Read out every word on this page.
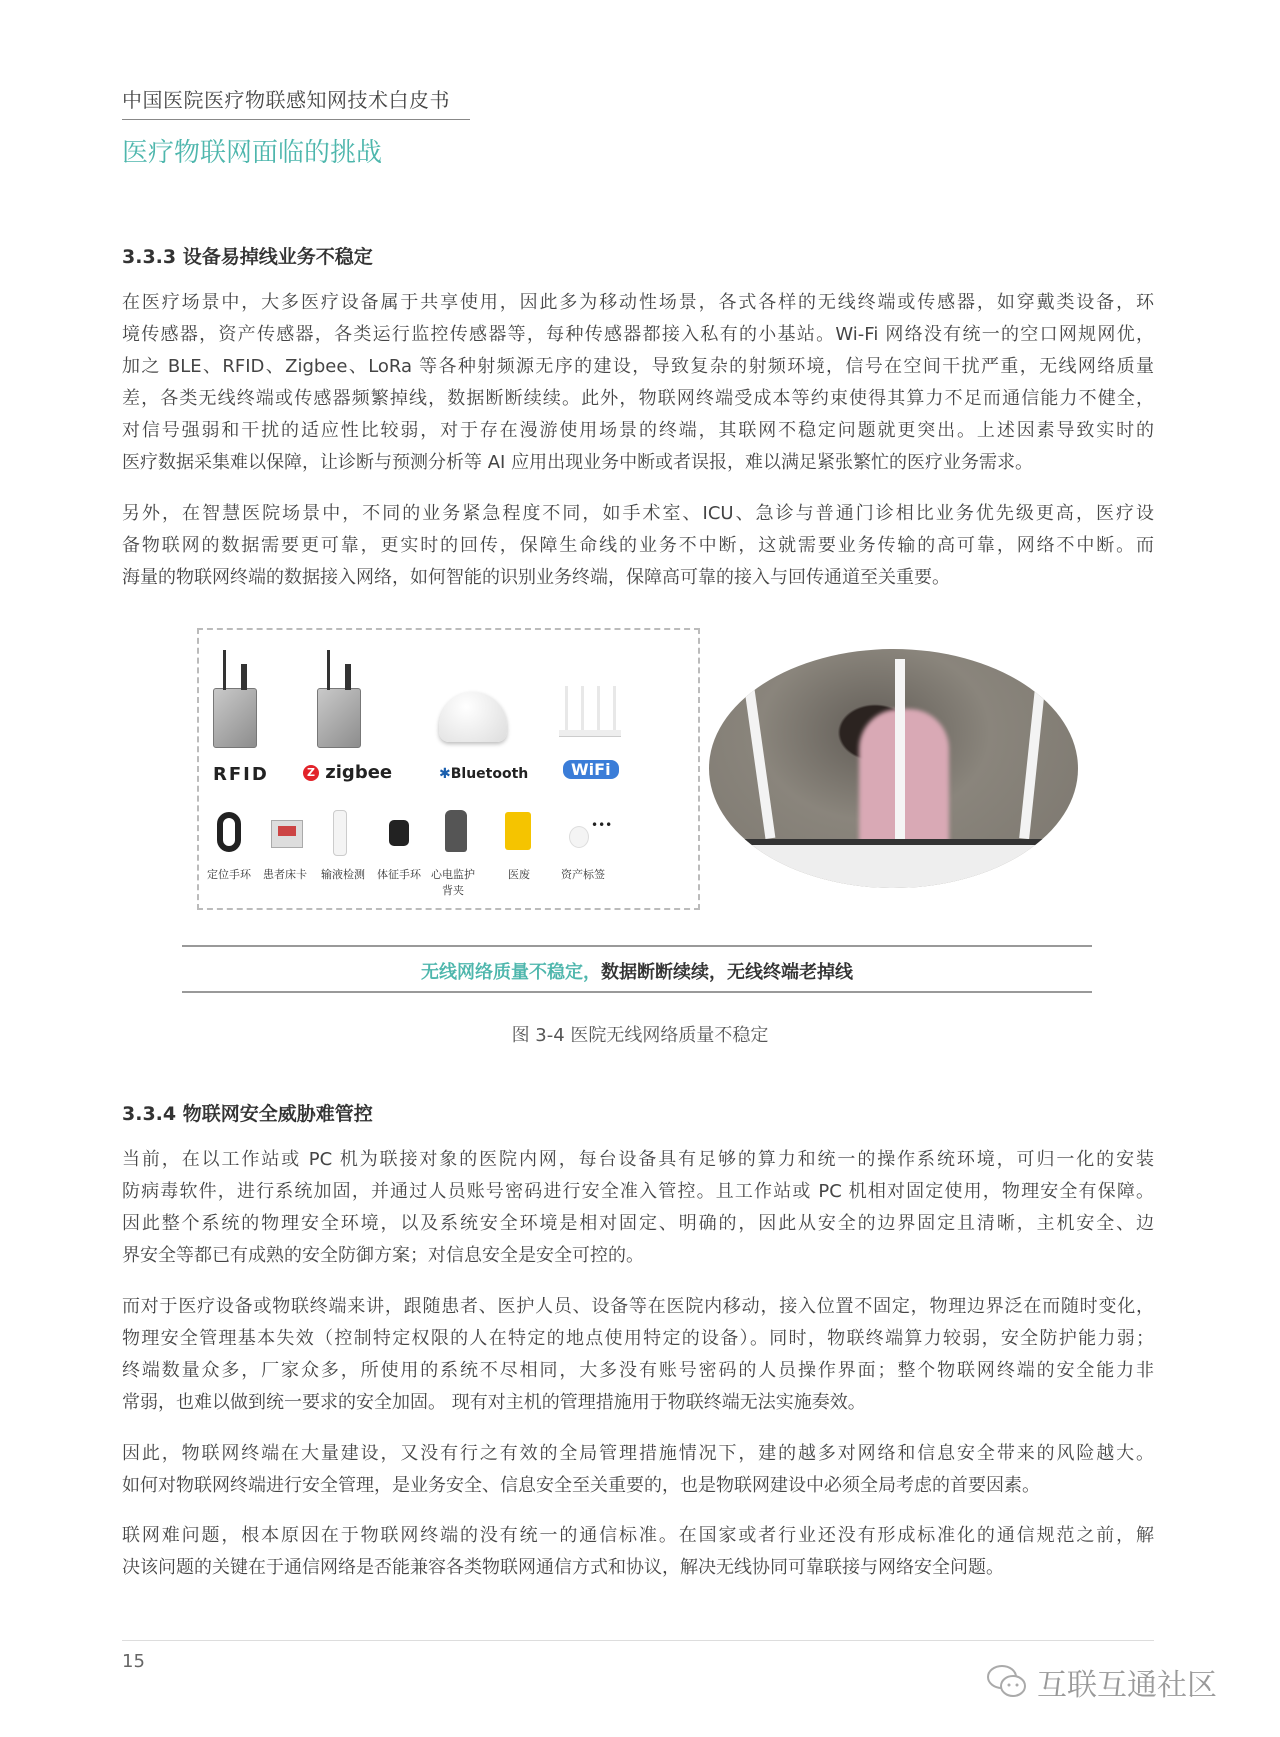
中国医院医疗物联感知网技术白皮书
医疗物联网面临的挑战
3.3.3 设备易掉线业务不稳定
在医疗场景中，大多医疗设备属于共享使用，因此多为移动性场景，各式各样的无线终端或传感器，如穿戴类设备，环
境传感器，资产传感器，各类运行监控传感器等，每种传感器都接入私有的小基站。Wi-Fi 网络没有统一的空口网规网优，
加之 BLE、RFID、Zigbee、LoRa 等各种射频源无序的建设，导致复杂的射频环境，信号在空间干扰严重，无线网络质量
差，各类无线终端或传感器频繁掉线，数据断断续续。此外，物联网终端受成本等约束使得其算力不足而通信能力不健全，
对信号强弱和干扰的适应性比较弱，对于存在漫游使用场景的终端，其联网不稳定问题就更突出。上述因素导致实时的
医疗数据采集难以保障，让诊断与预测分析等 AI 应用出现业务中断或者误报，难以满足紧张繁忙的医疗业务需求。
另外，在智慧医院场景中，不同的业务紧急程度不同，如手术室、ICU、急诊与普通门诊相比业务优先级更高，医疗设
备物联网的数据需要更可靠，更实时的回传，保障生命线的业务不中断，这就需要业务传输的高可靠，网络不中断。而
海量的物联网终端的数据接入网络，如何智能的识别业务终端，保障高可靠的接入与回传通道至关重要。
RFID	Z zigbee	✱Bluetooth	WiFi
•••
定位手环	患者床卡	输液检测	体征手环 心电监护背夹
医废	资产标签
无线网络质量不稳定，数据断断续续，无线终端老掉线
图 3-4 医院无线网络质量不稳定
3.3.4 物联网安全威胁难管控
当前，在以工作站或 PC 机为联接对象的医院内网，每台设备具有足够的算力和统一的操作系统环境，可归一化的安装
防病毒软件，进行系统加固，并通过人员账号密码进行安全准入管控。且工作站或 PC 机相对固定使用，物理安全有保障。
因此整个系统的物理安全环境，以及系统安全环境是相对固定、明确的，因此从安全的边界固定且清晰，主机安全、边
界安全等都已有成熟的安全防御方案；对信息安全是安全可控的。
而对于医疗设备或物联终端来讲，跟随患者、医护人员、设备等在医院内移动，接入位置不固定，物理边界泛在而随时变化，
物理安全管理基本失效（控制特定权限的人在特定的地点使用特定的设备）。同时，物联终端算力较弱，安全防护能力弱；
终端数量众多，厂家众多，所使用的系统不尽相同，大多没有账号密码的人员操作界面；整个物联网终端的安全能力非
常弱，也难以做到统一要求的安全加固。 现有对主机的管理措施用于物联终端无法实施奏效。
因此，物联网终端在大量建设，又没有行之有效的全局管理措施情况下，建的越多对网络和信息安全带来的风险越大。
如何对物联网终端进行安全管理，是业务安全、信息安全至关重要的，也是物联网建设中必须全局考虑的首要因素。
联网难问题，根本原因在于物联网终端的没有统一的通信标准。在国家或者行业还没有形成标准化的通信规范之前，解
决该问题的关键在于通信网络是否能兼容各类物联网通信方式和协议，解决无线协同可靠联接与网络安全问题。
15
互联互通社区
